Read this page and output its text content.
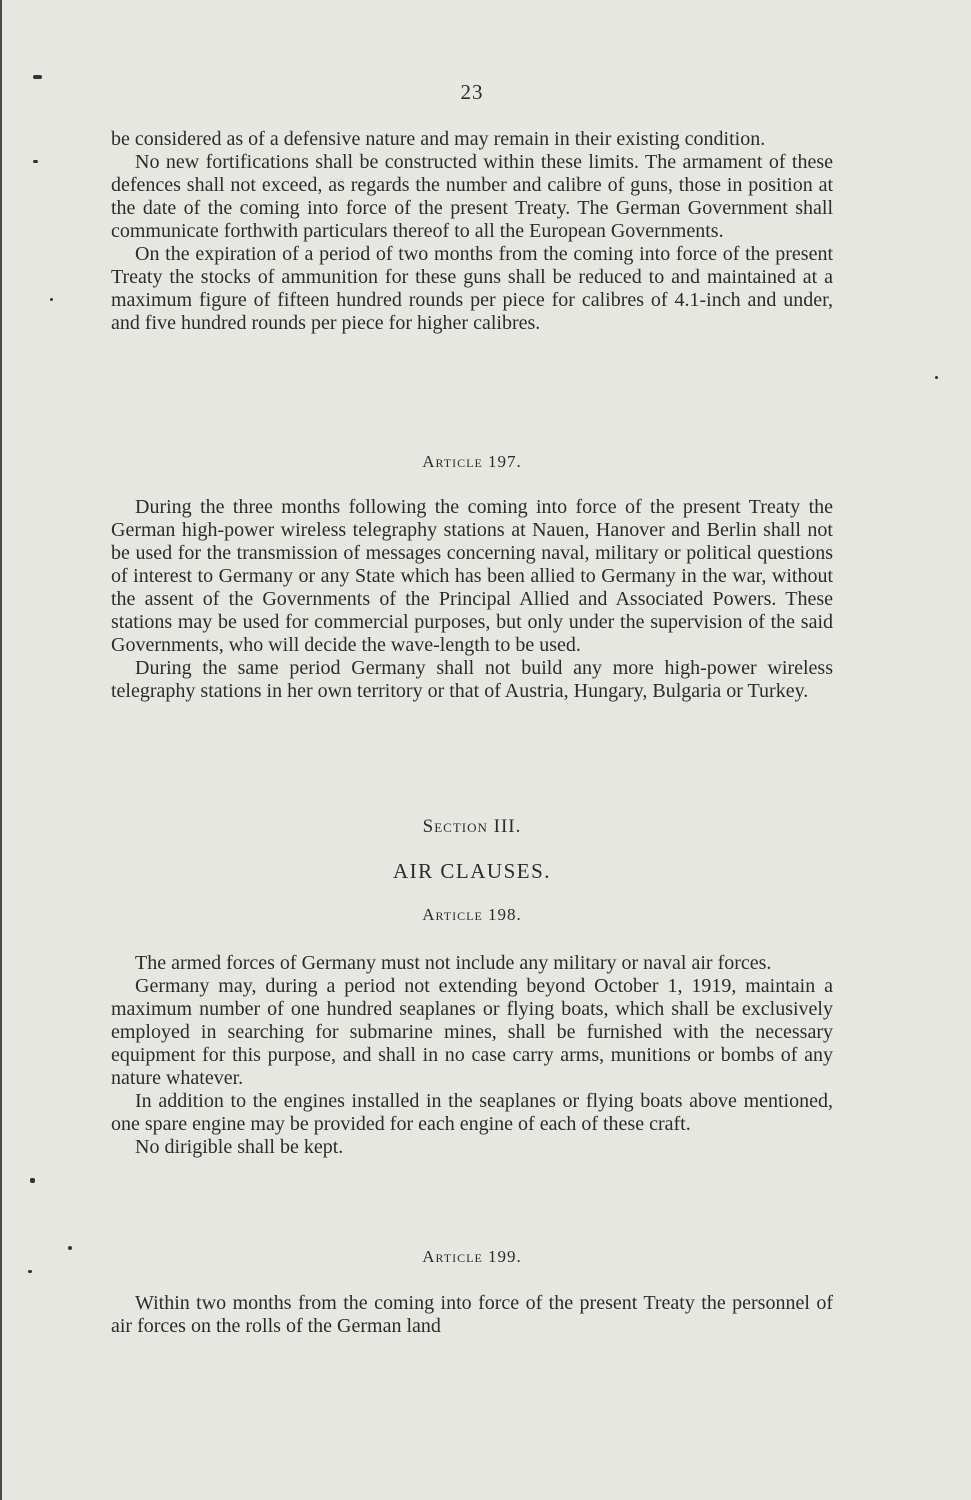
23

be considered as of a defensive nature and may remain in their existing condition.

No new fortifications shall be constructed within these limits. The armament of these defences shall not exceed, as regards the number and calibre of guns, those in position at the date of the coming into force of the present Treaty. The German Government shall communicate forthwith particulars thereof to all the European Governments.

On the expiration of a period of two months from the coming into force of the present Treaty the stocks of ammunition for these guns shall be reduced to and maintained at a maximum figure of fifteen hundred rounds per piece for calibres of 4.1-inch and under, and five hundred rounds per piece for higher calibres.

Article 197.

During the three months following the coming into force of the present Treaty the German high-power wireless telegraphy stations at Nauen, Hanover and Berlin shall not be used for the transmission of messages concerning naval, military or political questions of interest to Germany or any State which has been allied to Germany in the war, without the assent of the Governments of the Principal Allied and Associated Powers. These stations may be used for commercial purposes, but only under the supervision of the said Governments, who will decide the wave-length to be used.

During the same period Germany shall not build any more high-power wireless telegraphy stations in her own territory or that of Austria, Hungary, Bulgaria or Turkey.

Section III.
AIR CLAUSES.
Article 198.

The armed forces of Germany must not include any military or naval air forces.

Germany may, during a period not extending beyond October 1, 1919, maintain a maximum number of one hundred seaplanes or flying boats, which shall be exclusively employed in searching for submarine mines, shall be furnished with the necessary equipment for this purpose, and shall in no case carry arms, munitions or bombs of any nature whatever.

In addition to the engines installed in the seaplanes or flying boats above mentioned, one spare engine may be provided for each engine of each of these craft.

No dirigible shall be kept.

Article 199.

Within two months from the coming into force of the present Treaty the personnel of air forces on the rolls of the German land
